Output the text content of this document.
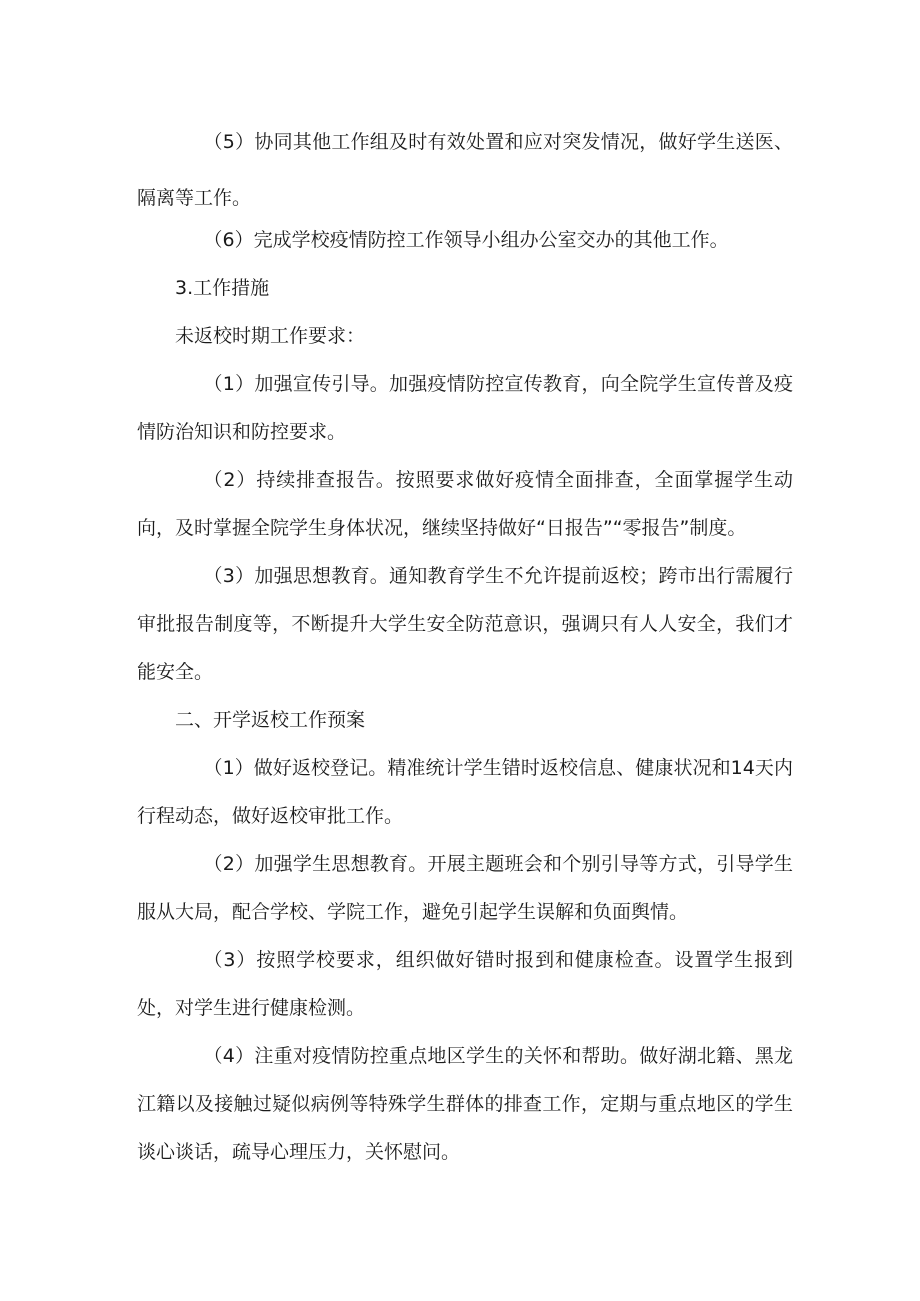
（5）协同其他工作组及时有效处置和应对突发情况，做好学生送医、隔离等工作。

（6）完成学校疫情防控工作领导小组办公室交办的其他工作。

3.工作措施

未返校时期工作要求：

（1）加强宣传引导。加强疫情防控宣传教育，向全院学生宣传普及疫情防治知识和防控要求。

（2）持续排查报告。按照要求做好疫情全面排查，全面掌握学生动向，及时掌握全院学生身体状况，继续坚持做好“日报告”“零报告”制度。

（3）加强思想教育。通知教育学生不允许提前返校；跨市出行需履行审批报告制度等，不断提升大学生安全防范意识，强调只有人人安全，我们才能安全。

二、开学返校工作预案

（1）做好返校登记。精准统计学生错时返校信息、健康状况和14天内行程动态，做好返校审批工作。

（2）加强学生思想教育。开展主题班会和个别引导等方式，引导学生服从大局，配合学校、学院工作，避免引起学生误解和负面舆情。

（3）按照学校要求，组织做好错时报到和健康检查。设置学生报到处，对学生进行健康检测。

（4）注重对疫情防控重点地区学生的关怀和帮助。做好湖北籍、黑龙江籍以及接触过疑似病例等特殊学生群体的排查工作，定期与重点地区的学生谈心谈话，疏导心理压力，关怀慰问。
